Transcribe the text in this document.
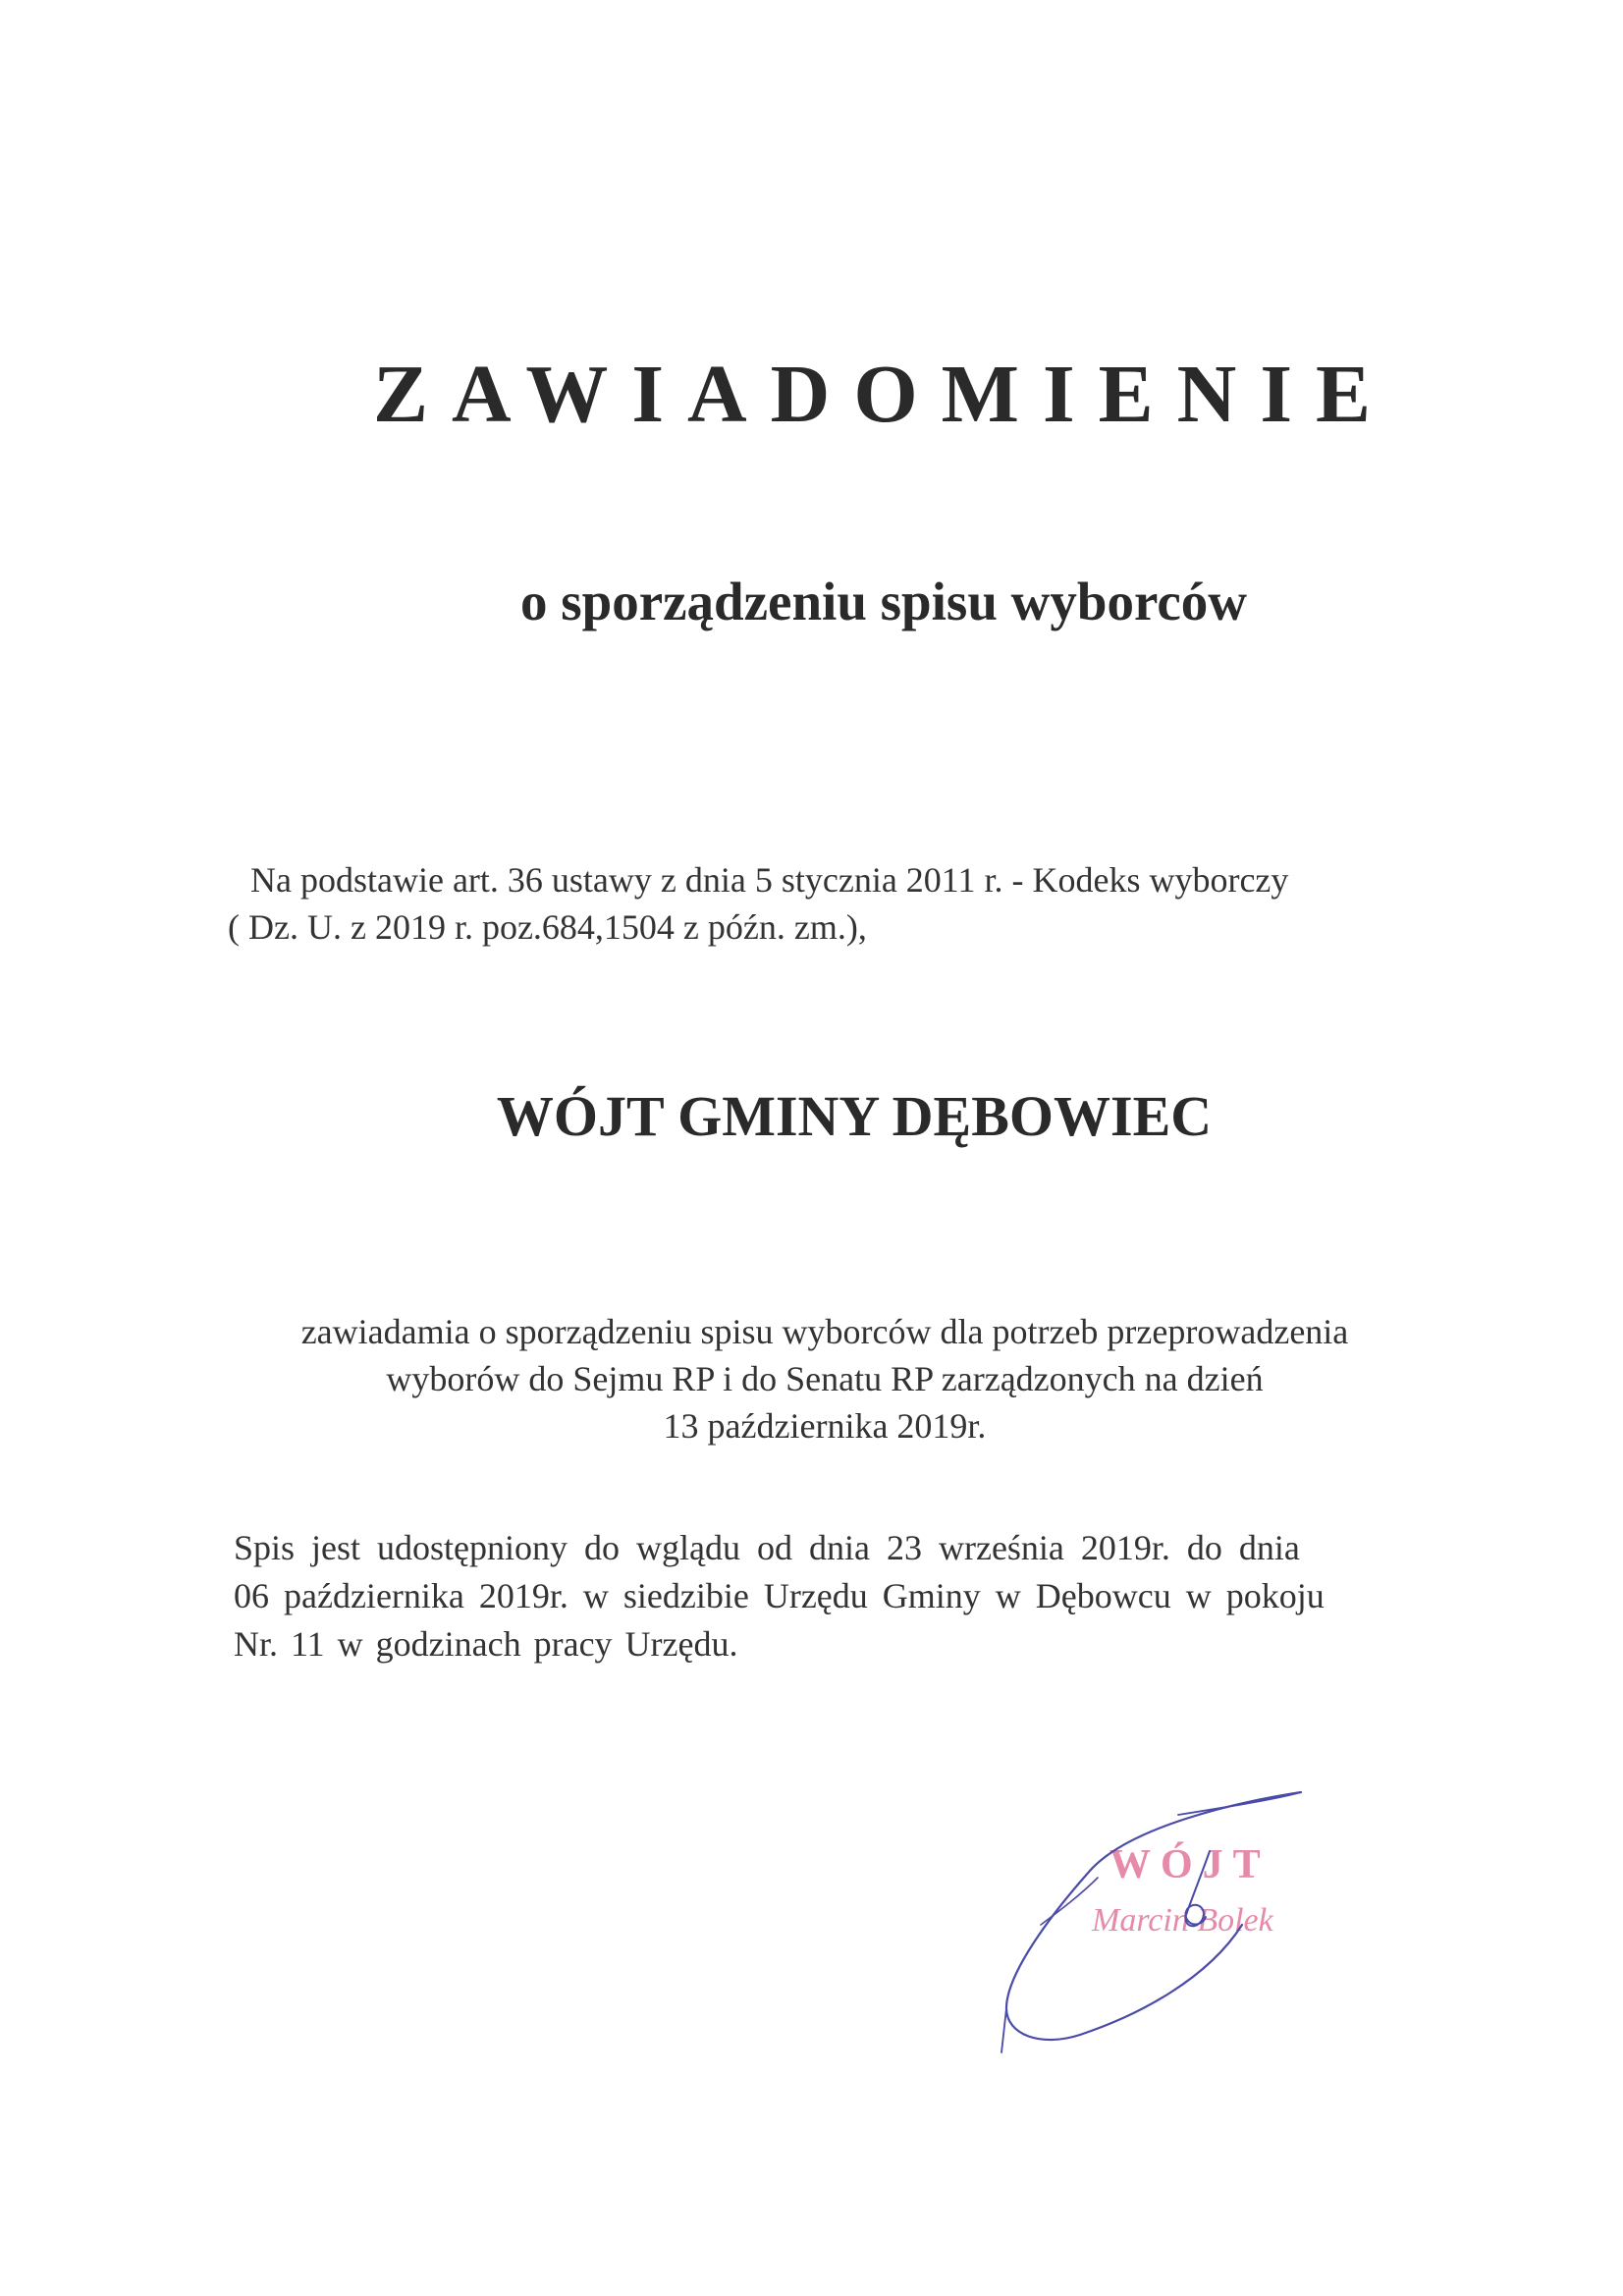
ZAWIADOMIENIE
o sporządzeniu spisu wyborców
Na podstawie art. 36 ustawy z dnia 5 stycznia 2011 r. - Kodeks wyborczy
( Dz. U. z 2019 r. poz.684,1504 z późn. zm.),
WÓJT GMINY DĘBOWIEC
zawiadamia o sporządzeniu spisu wyborców dla potrzeb przeprowadzenia
wyborów do Sejmu RP i do Senatu RP zarządzonych na dzień
13 października 2019r.
Spis jest udostępniony do wglądu od dnia 23 września 2019r. do dnia
06 października 2019r. w siedzibie Urzędu Gminy w Dębowcu w pokoju
Nr. 11 w godzinach pracy Urzędu.
WÓJT
Marcin Bolek
